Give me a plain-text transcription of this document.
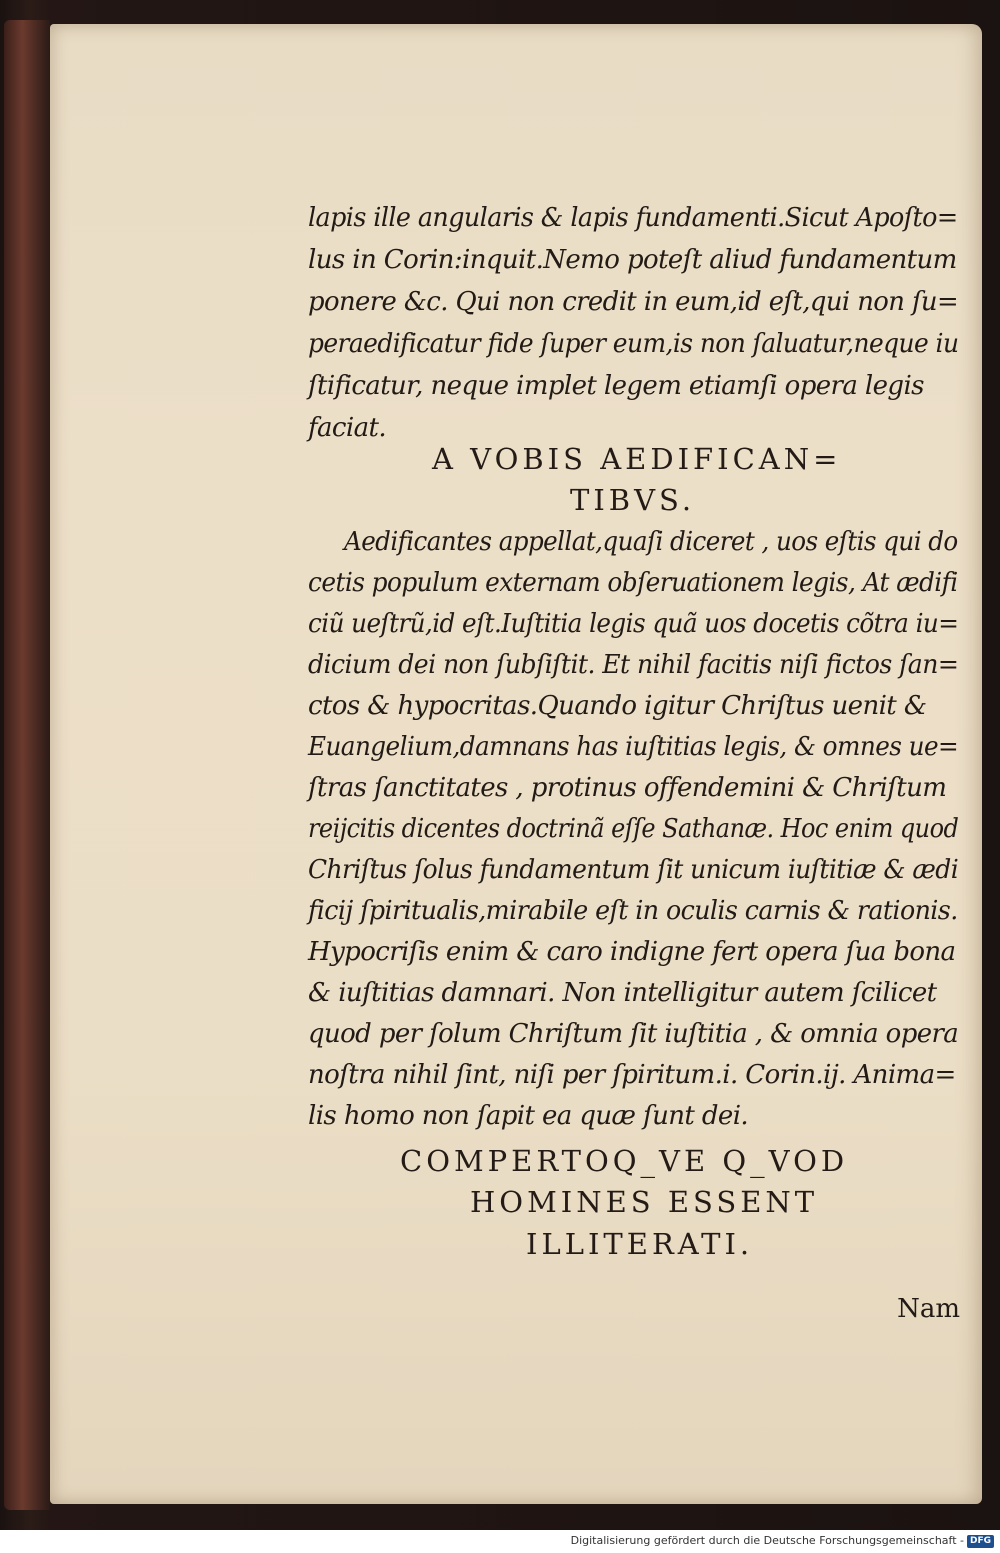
lapis ille angularis & lapis fundamenti.Sicut Apoſto=
lus in Corin:inquit.Nemo poteſt aliud fundamentum
ponere &c. Qui non credit in eum,id eſt,qui non ſu=
peraedificatur fide ſuper eum,is non ſaluatur,neque iu
ſtificatur, neque implet legem etiamſi opera legis
faciat.
A VOBIS AEDIFICAN=
TIBVS.
Aedificantes appellat,quaſi diceret , uos eſtis qui do
cetis populum externam obſeruationem legis, At ædifi
ciũ ueſtrũ,id eſt.Iuſtitia legis quã uos docetis cõtra iu=
dicium dei non ſubſiſtit. Et nihil facitis niſi fictos ſan=
ctos & hypocritas.Quando igitur Chriſtus uenit &
Euangelium,damnans has iuſtitias legis, & omnes ue=
ſtras ſanctitates , protinus offendemini & Chriſtum
reijcitis dicentes doctrinã eſſe Sathanæ. Hoc enim quod
Chriſtus ſolus fundamentum ſit unicum iuſtitiæ & ædi
ficij ſpiritualis,mirabile eſt in oculis carnis & rationis.
Hypocriſis enim & caro indigne fert opera ſua bona
& iuſtitias damnari. Non intelligitur autem ſcilicet
quod per ſolum Chriſtum ſit iuſtitia , & omnia opera
noſtra nihil ſint, niſi per ſpiritum.i. Corin.ij. Anima=
lis homo non ſapit ea quæ ſunt dei.
COMPERTOQ_VE Q_VOD
HOMINES ESSENT
ILLITERATI.
Nam
Digitalisierung gefördert durch die Deutsche Forschungsgemeinschaft - DFG
